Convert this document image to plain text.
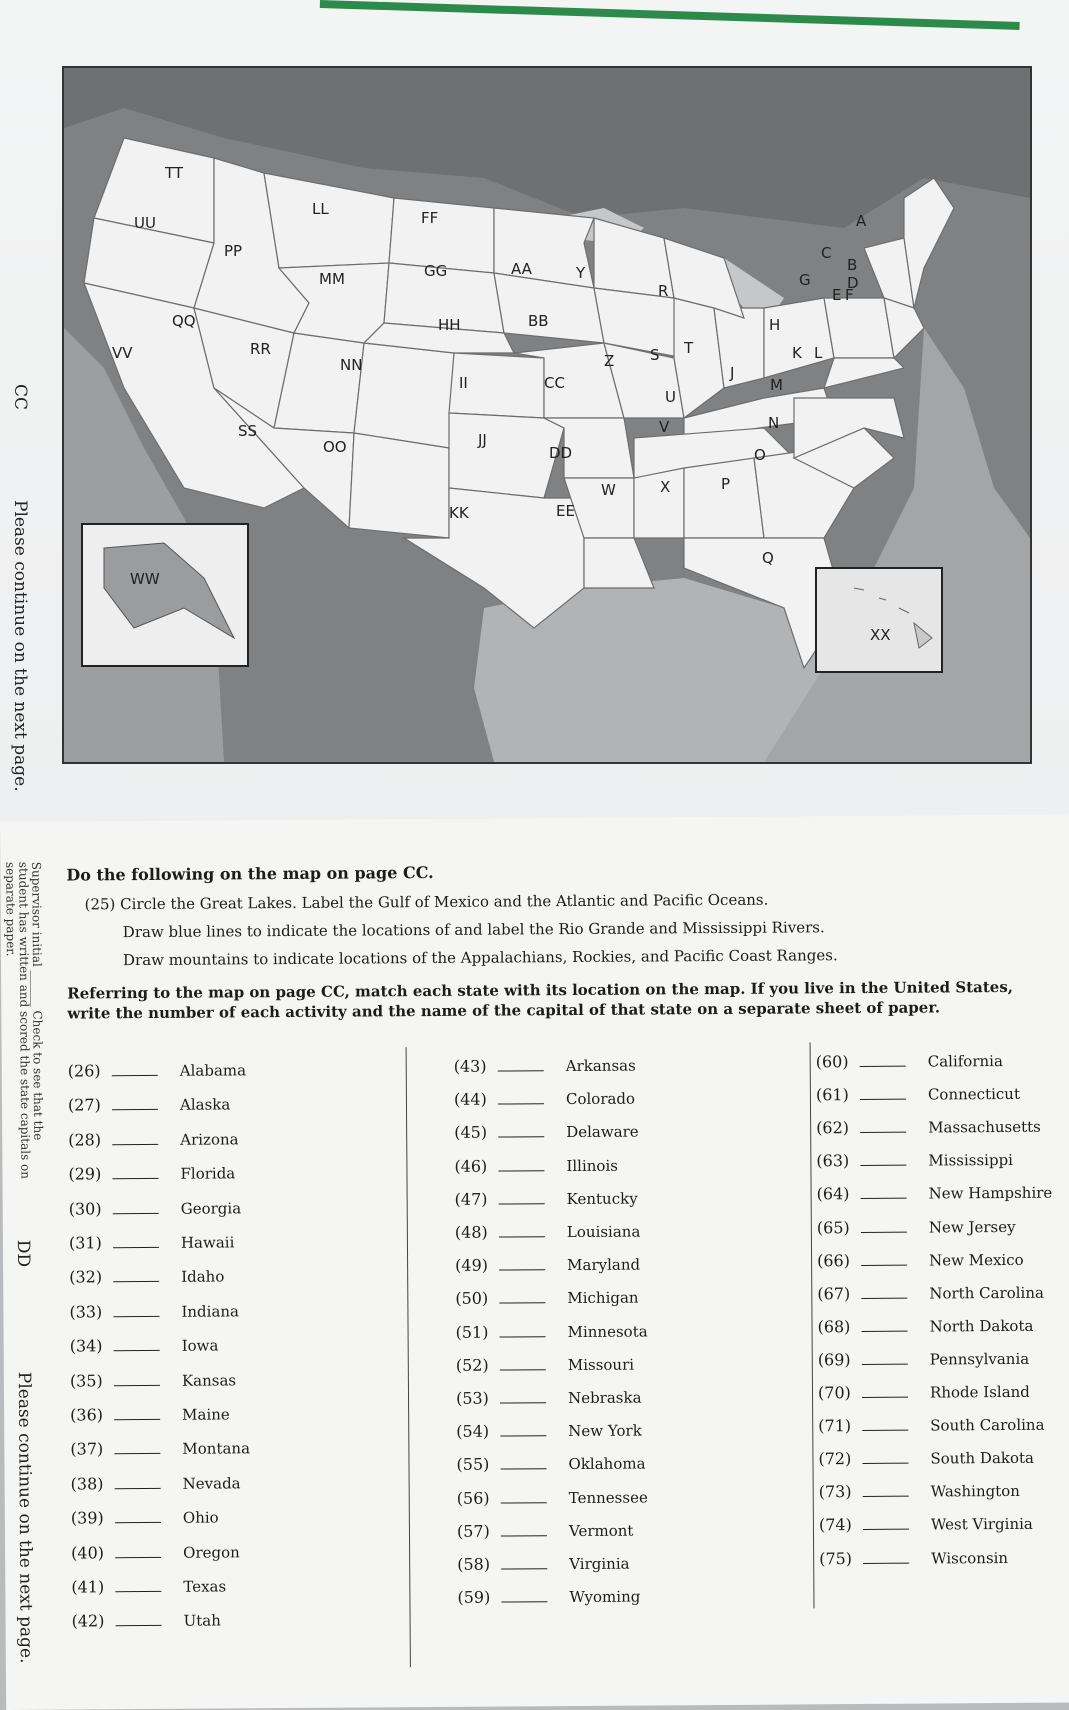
CC
Please continue on the next page.
A
B
C
D
E F
G
H
II
J
K L
M
N
O
P
Q
R
S T
U
V
W	X
Y
Z
AA
BB
CC
DD
EE
FF
GG
HH
JJ
KK
LL
MM
NN
OO
PP
QQ
RR
SS
TT
UU
VV
WW
XX
Supervisor initial ______ Check to see that the
student has written and scored the state capitals on
separate paper.
DD
Please continue on the next page.
Do the following on the map on page CC.
(25) Circle the Great Lakes. Label the Gulf of Mexico and the Atlantic and Pacific Oceans.
Draw blue lines to indicate the locations of and label the Rio Grande and Mississippi Rivers.
Draw mountains to indicate locations of the Appalachians, Rockies, and Pacific Coast Ranges.
Referring to the map on page CC, match each state with its location on the map. If you live in the United States, write the number of each activity and the name of the capital of that state on a separate sheet of paper.
(26)	Alabama
(27)	Alaska
(28)	Arizona
(29)	Florida
(30)	Georgia
(31)	Hawaii
(32)	Idaho
(33)	Indiana
(34)	Iowa
(35)	Kansas
(36)	Maine
(37)	Montana
(38)	Nevada
(39)	Ohio
(40)	Oregon
(41)	Texas
(42)	Utah
(43)	Arkansas
(44)	Colorado
(45)	Delaware
(46)	Illinois
(47)	Kentucky
(48)	Louisiana
(49)	Maryland
(50)	Michigan
(51)	Minnesota
(52)	Missouri
(53)	Nebraska
(54)	New York
(55)	Oklahoma
(56)	Tennessee
(57)	Vermont
(58)	Virginia
(59)	Wyoming
(60)	California
(61)	Connecticut
(62)	Massachusetts
(63)	Mississippi
(64)	New Hampshire
(65)	New Jersey
(66)	New Mexico
(67)	North Carolina
(68)	North Dakota
(69)	Pennsylvania
(70)	Rhode Island
(71)	South Carolina
(72)	South Dakota
(73)	Washington
(74)	West Virginia
(75)	Wisconsin
